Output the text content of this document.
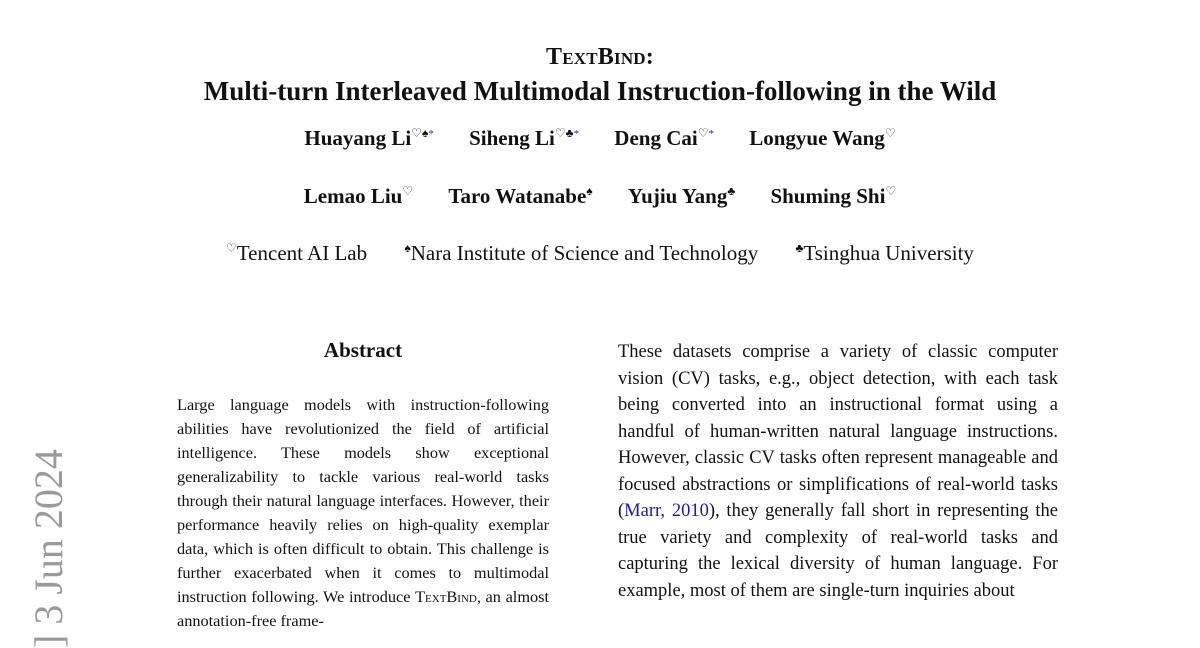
TextBind:
Multi-turn Interleaved Multimodal Instruction-following in the Wild
Huayang Li♡♠* Siheng Li♡♣* Deng Cai♡* Longyue Wang♡
Lemao Liu♡ Taro Watanabe♠ Yujiu Yang♣ Shuming Shi♡
♡Tencent AI Lab	♠Nara Institute of Science and Technology	♣Tsinghua University
] 3 Jun 2024
Abstract
Large language models with instruction-following abilities have revolutionized the field of artificial intelligence. These models show exceptional generalizability to tackle various real-world tasks through their natural language interfaces. However, their performance heavily relies on high-quality exemplar data, which is often difficult to obtain. This challenge is further exacerbated when it comes to multimodal instruction following. We introduce TextBind, an almost annotation-free frame-
These datasets comprise a variety of classic computer vision (CV) tasks, e.g., object detection, with each task being converted into an instructional format using a handful of human-written natural language instructions. However, classic CV tasks often represent manageable and focused abstractions or simplifications of real-world tasks (Marr, 2010), they generally fall short in representing the true variety and complexity of real-world tasks and capturing the lexical diversity of human language. For example, most of them are single-turn inquiries about
